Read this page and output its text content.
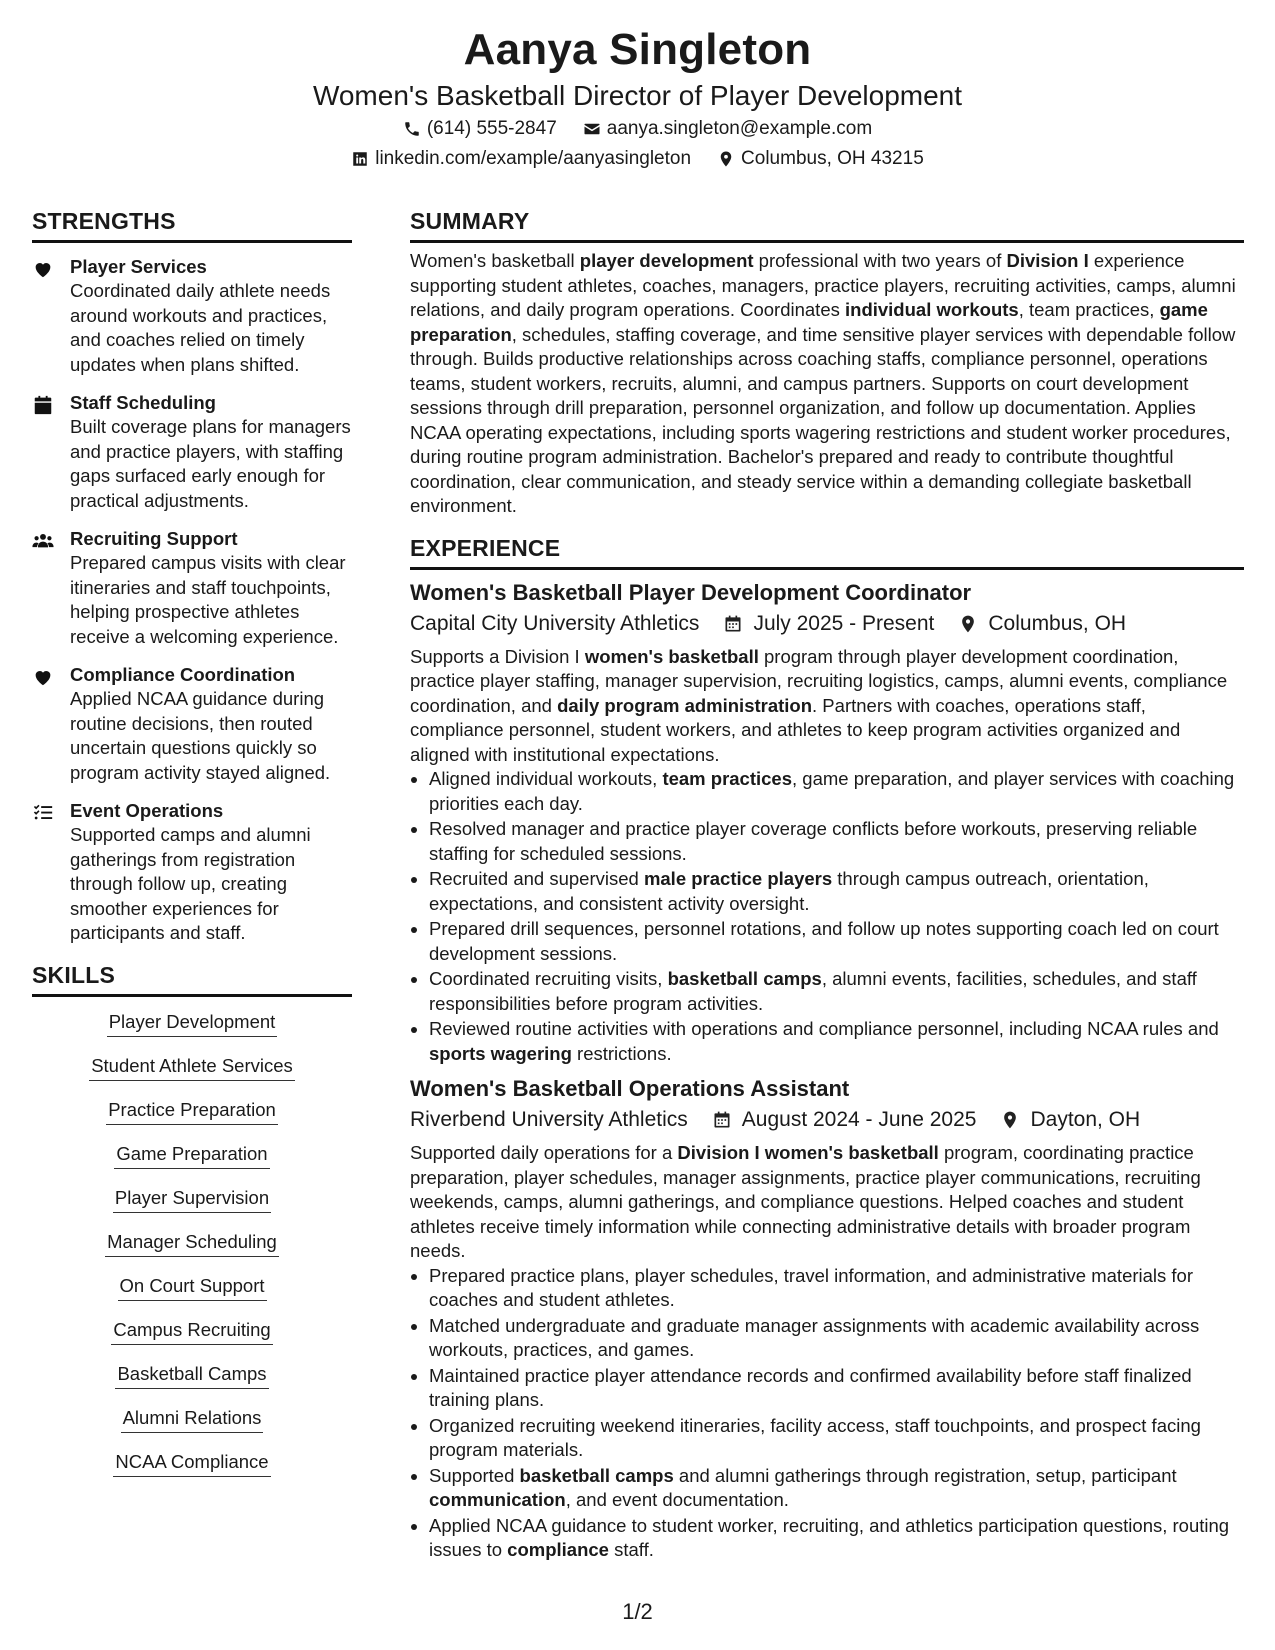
Aanya Singleton
Women's Basketball Director of Player Development
(614) 555-2847	aanya.singleton@example.com
linkedin.com/example/aanyasingleton	Columbus, OH 43215
STRENGTHS
Player Services
Coordinated daily athlete needs around workouts and practices, and coaches relied on timely updates when plans shifted.
Staff Scheduling
Built coverage plans for managers and practice players, with staffing gaps surfaced early enough for practical adjustments.
Recruiting Support
Prepared campus visits with clear itineraries and staff touchpoints, helping prospective athletes receive a welcoming experience.
Compliance Coordination
Applied NCAA guidance during routine decisions, then routed uncertain questions quickly so program activity stayed aligned.
Event Operations
Supported camps and alumni gatherings from registration through follow up, creating smoother experiences for participants and staff.
SKILLS
Player Development
Student Athlete Services
Practice Preparation
Game Preparation
Player Supervision
Manager Scheduling
On Court Support
Campus Recruiting
Basketball Camps
Alumni Relations
NCAA Compliance
SUMMARY
Women's basketball player development professional with two years of Division I experience supporting student athletes, coaches, managers, practice players, recruiting activities, camps, alumni relations, and daily program operations. Coordinates individual workouts, team practices, game preparation, schedules, staffing coverage, and time sensitive player services with dependable follow through. Builds productive relationships across coaching staffs, compliance personnel, operations teams, student workers, recruits, alumni, and campus partners. Supports on court development sessions through drill preparation, personnel organization, and follow up documentation. Applies NCAA operating expectations, including sports wagering restrictions and student worker procedures, during routine program administration. Bachelor's prepared and ready to contribute thoughtful coordination, clear communication, and steady service within a demanding collegiate basketball environment.
EXPERIENCE
Women's Basketball Player Development Coordinator
Capital City University Athletics	July 2025 - Present	Columbus, OH
Supports a Division I women's basketball program through player development coordination, practice player staffing, manager supervision, recruiting logistics, camps, alumni events, compliance coordination, and daily program administration. Partners with coaches, operations staff, compliance personnel, student workers, and athletes to keep program activities organized and aligned with institutional expectations.
• Aligned individual workouts, team practices, game preparation, and player services with coaching priorities each day.
• Resolved manager and practice player coverage conflicts before workouts, preserving reliable staffing for scheduled sessions.
• Recruited and supervised male practice players through campus outreach, orientation, expectations, and consistent activity oversight.
• Prepared drill sequences, personnel rotations, and follow up notes supporting coach led on court development sessions.
• Coordinated recruiting visits, basketball camps, alumni events, facilities, schedules, and staff responsibilities before program activities.
• Reviewed routine activities with operations and compliance personnel, including NCAA rules and sports wagering restrictions.
Women's Basketball Operations Assistant
Riverbend University Athletics	August 2024 - June 2025	Dayton, OH
Supported daily operations for a Division I women's basketball program, coordinating practice preparation, player schedules, manager assignments, practice player communications, recruiting weekends, camps, alumni gatherings, and compliance questions. Helped coaches and student athletes receive timely information while connecting administrative details with broader program needs.
• Prepared practice plans, player schedules, travel information, and administrative materials for coaches and student athletes.
• Matched undergraduate and graduate manager assignments with academic availability across workouts, practices, and games.
• Maintained practice player attendance records and confirmed availability before staff finalized training plans.
• Organized recruiting weekend itineraries, facility access, staff touchpoints, and prospect facing program materials.
• Supported basketball camps and alumni gatherings through registration, setup, participant communication, and event documentation.
• Applied NCAA guidance to student worker, recruiting, and athletics participation questions, routing issues to compliance staff.
1/2
